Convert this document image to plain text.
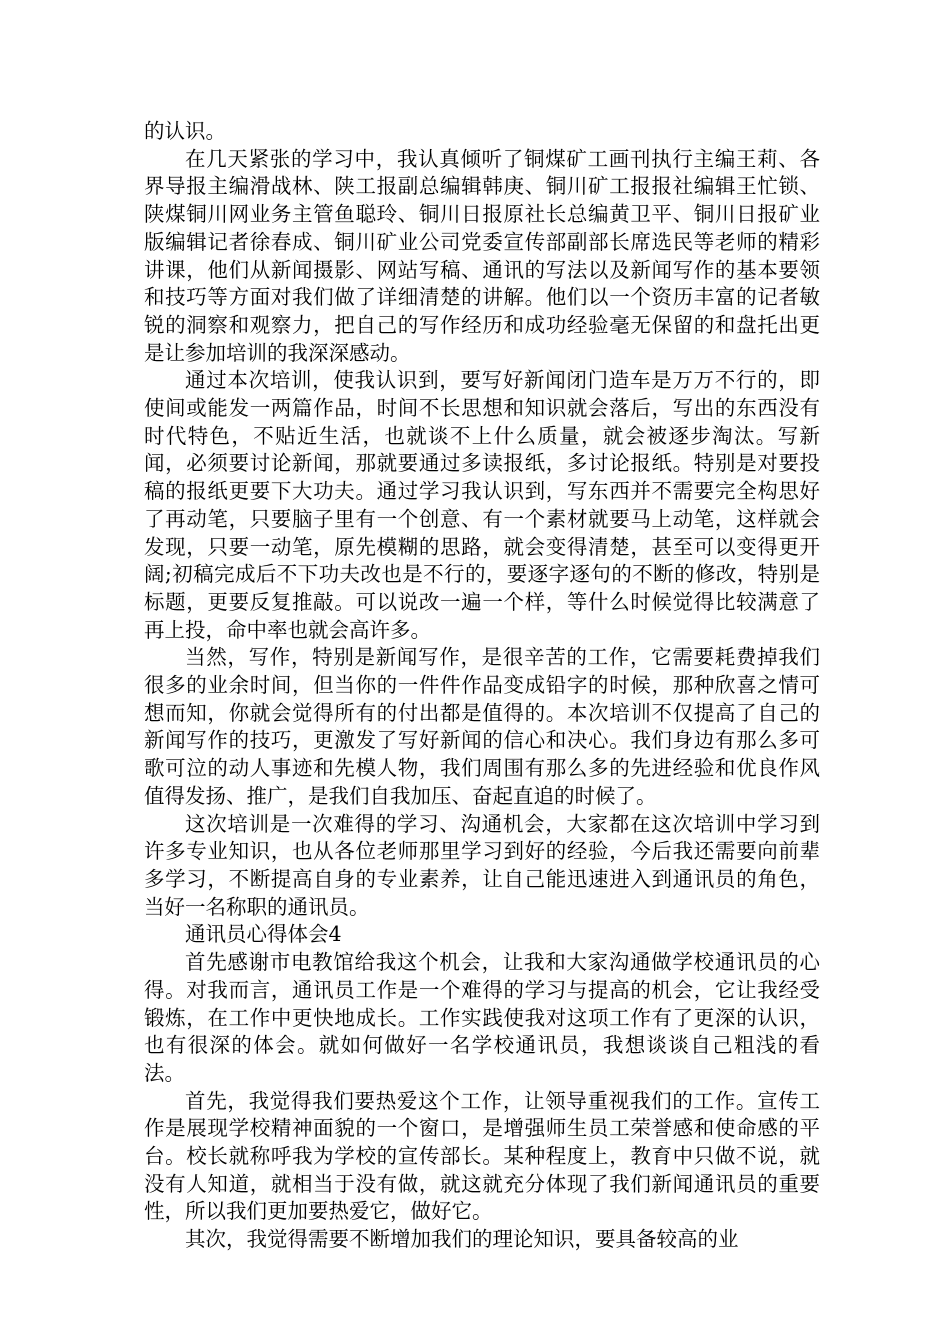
的认识。

在几天紧张的学习中，我认真倾听了铜煤矿工画刊执行主编王莉、各界导报主编滑战林、陕工报副总编辑韩庚、铜川矿工报报社编辑王忙锁、陕煤铜川网业务主管鱼聪玲、铜川日报原社长总编黄卫平、铜川日报矿业版编辑记者徐春成、铜川矿业公司党委宣传部副部长席选民等老师的精彩讲课，他们从新闻摄影、网站写稿、通讯的写法以及新闻写作的基本要领和技巧等方面对我们做了详细清楚的讲解。他们以一个资历丰富的记者敏锐的洞察和观察力，把自己的写作经历和成功经验毫无保留的和盘托出更是让参加培训的我深深感动。

通过本次培训，使我认识到，要写好新闻闭门造车是万万不行的，即使间或能发一两篇作品，时间不长思想和知识就会落后，写出的东西没有时代特色，不贴近生活，也就谈不上什么质量，就会被逐步淘汰。写新闻，必须要讨论新闻，那就要通过多读报纸，多讨论报纸。特别是对要投稿的报纸更要下大功夫。通过学习我认识到，写东西并不需要完全构思好了再动笔，只要脑子里有一个创意、有一个素材就要马上动笔，这样就会发现，只要一动笔，原先模糊的思路，就会变得清楚，甚至可以变得更开阔;初稿完成后不下功夫改也是不行的，要逐字逐句的不断的修改，特别是标题，更要反复推敲。可以说改一遍一个样，等什么时候觉得比较满意了再上投，命中率也就会高许多。

当然，写作，特别是新闻写作，是很辛苦的工作，它需要耗费掉我们很多的业余时间，但当你的一件件作品变成铅字的时候，那种欣喜之情可想而知，你就会觉得所有的付出都是值得的。本次培训不仅提高了自己的新闻写作的技巧，更激发了写好新闻的信心和决心。我们身边有那么多可歌可泣的动人事迹和先模人物，我们周围有那么多的先进经验和优良作风值得发扬、推广，是我们自我加压、奋起直追的时候了。

这次培训是一次难得的学习、沟通机会，大家都在这次培训中学习到许多专业知识，也从各位老师那里学习到好的经验，今后我还需要向前辈多学习，不断提高自身的专业素养，让自己能迅速进入到通讯员的角色，当好一名称职的通讯员。

通讯员心得体会4

首先感谢市电教馆给我这个机会，让我和大家沟通做学校通讯员的心得。对我而言，通讯员工作是一个难得的学习与提高的机会，它让我经受锻炼，在工作中更快地成长。工作实践使我对这项工作有了更深的认识，也有很深的体会。就如何做好一名学校通讯员，我想谈谈自己粗浅的看法。

首先，我觉得我们要热爱这个工作，让领导重视我们的工作。宣传工作是展现学校精神面貌的一个窗口，是增强师生员工荣誉感和使命感的平台。校长就称呼我为学校的宣传部长。某种程度上，教育中只做不说，就没有人知道，就相当于没有做，就这就充分体现了我们新闻通讯员的重要性，所以我们更加要热爱它，做好它。

其次，我觉得需要不断增加我们的理论知识，要具备较高的业
